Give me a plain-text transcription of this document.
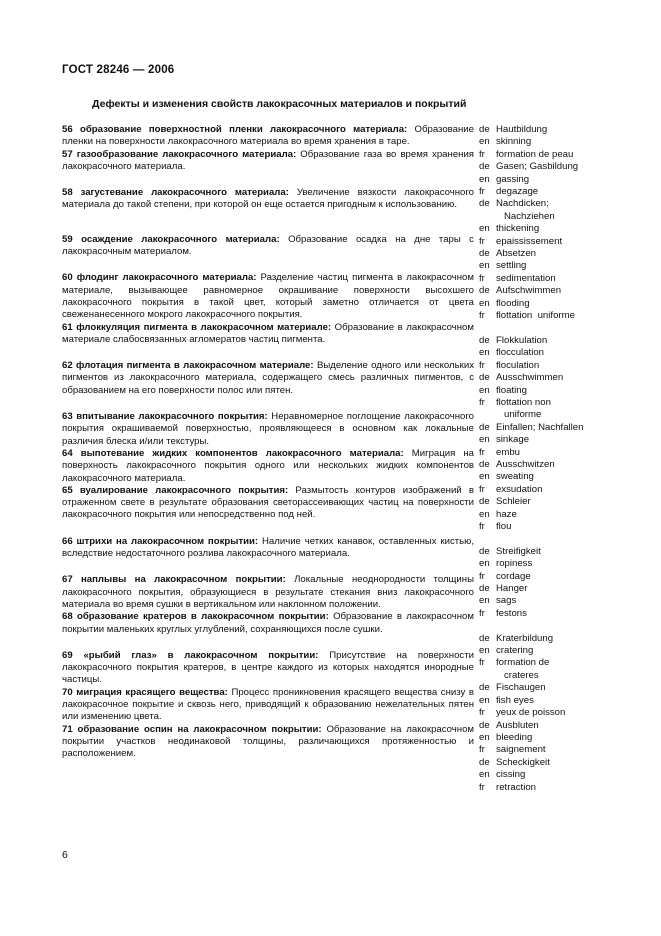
ГОСТ 28246 — 2006
Дефекты и изменения свойств лакокрасочных материалов и покрытий

56 образование поверхностной пленки лакокрасочного материала: Образование пленки на поверхности лакокрасочного материала во время хранения в таре.

57 газообразование лакокрасочного материала: Образование газа во время хранения лакокрасочного материала.

58 загустевание лакокрасочного материала: Увеличение вязкости лакокрасочного материала до такой степени, при которой он еще остается пригодным к использованию.

59 осаждение лакокрасочного материала: Образование осадка на дне тары с лакокрасочным материалом.

60 флодинг лакокрасочного материала: Разделение частиц пигмента в лакокрасочном материале, вызывающее равномерное окрашивание поверхности высохшего лакокрасочного покрытия в такой цвет, который заметно отличается от цвета свеженанесенного мокрого лакокрасочного покрытия.

61 флоккуляция пигмента в лакокрасочном материале: Образование в лакокрасочном материале слабосвязанных агломератов частиц пигмента.

62 флотация пигмента в лакокрасочном материале: Выделение одного или нескольких пигментов из лакокрасочного материала, содержащего смесь различных пигментов, с образованием на его поверхности полос или пятен.

63 впитывание лакокрасочного покрытия: Неравномерное поглощение лакокрасочного покрытия окрашиваемой поверхностью, проявляющееся в основном как локальные различия блеска и/или текстуры.

64 выпотевание жидких компонентов лакокрасочного материала: Миграция на поверхность лакокрасочного покрытия одного или нескольких жидких компонентов лакокрасочного материала.

65 вуалирование лакокрасочного покрытия: Размытость контуров изображений в отраженном свете в результате образования светорассеивающих частиц на поверхности лакокрасочного покрытия или непосредственно под ней.

66 штрихи на лакокрасочном покрытии: Наличие четких канавок, оставленных кистью, вследствие недостаточного розлива лакокрасочного материала.

67 наплывы на лакокрасочном покрытии: Локальные неоднородности толщины лакокрасочного покрытия, образующиеся в результате стекания вниз лакокрасочного материала во время сушки в вертикальном или наклонном положении.

68 образование кратеров в лакокрасочном покрытии: Образование в лакокрасочном покрытии маленьких круглых углублений, сохраняющихся после сушки.

69 «рыбий глаз» в лакокрасочном покрытии: Присутствие на поверхности лакокрасочного покрытия кратеров, в центре каждого из которых находятся инородные частицы.

70 миграция красящего вещества: Процесс проникновения красящего вещества снизу в лакокрасочное покрытие и сквозь него, приводящий к образованию нежелательных пятен или изменению цвета.

71 образование оспин на лакокрасочном покрытии: Образование на лакокрасочном покрытии участков неодинаковой толщины, различающихся протяженностью и расположением.

de Hautbildung
en skinning
fr formation de peau
de Gasen; Gasbildung
en gassing
fr degazage
de Nachdicken;
Nachziehen
en thickening
fr epaississement
de Absetzen
en settling
fr sedimentation
de Aufschwimmen
en flooding
fr flottation  uniforme

de Flokkulation
en flocculation
fr floculation
de Ausschwimmen
en floating
fr flottation non
uniforme
de Einfallen; Nachfallen
en sinkage
fr embu
de Ausschwitzen
en sweating
fr exsudation
de Schleier
en haze
fr flou

de Streifigkeit
en ropiness
fr cordage
de Hanger
en sags
fr festons

de Kraterbildung
en cratering
fr formation de
crateres
de Fischaugen
en fish eyes
fr yeux de poisson
de Ausbluten
en bleeding
fr saignement
de Scheckigkeit
en cissing
fr retraction
6
